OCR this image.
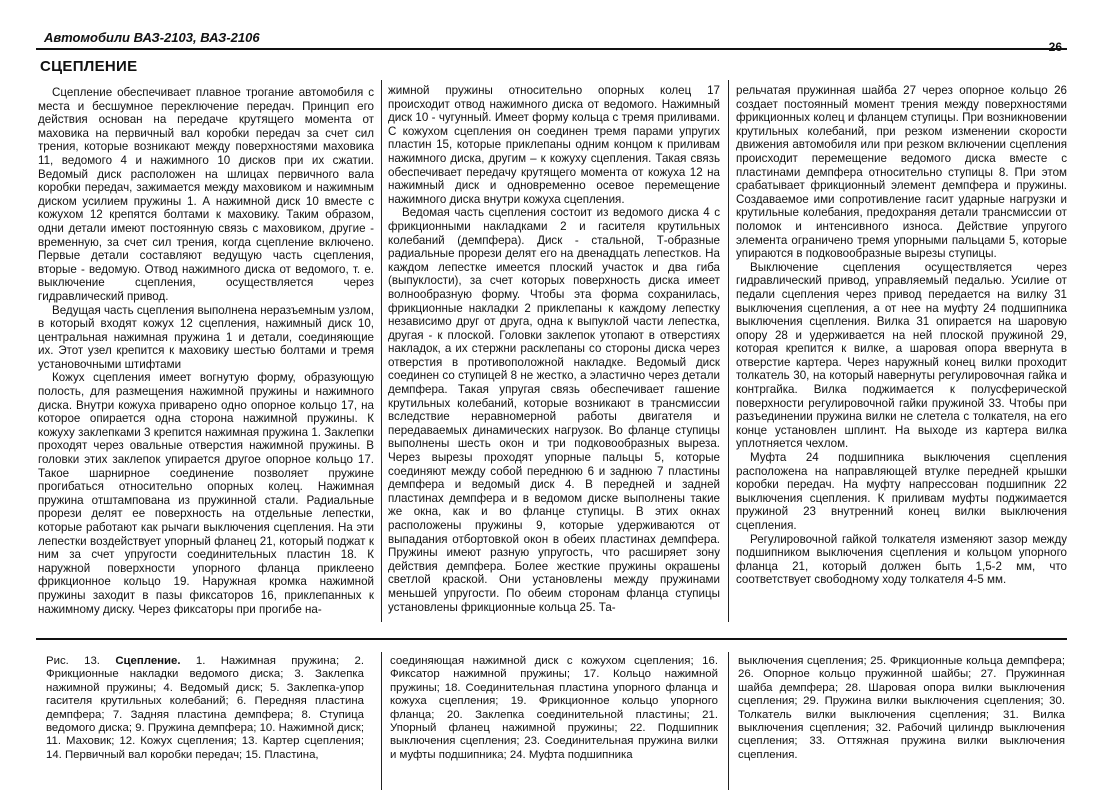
Автомобили ВАЗ-2103, ВАЗ-2106
26
СЦЕПЛЕНИЕ

Сцепление обеспечивает плавное трогание автомобиля с места и бесшумное переключение передач. Принцип его действия основан на передаче крутящего момента от маховика на первичный вал коробки передач за счет сил трения, которые возникают между поверхностями маховика 11, ведомого 4 и нажимного 10 дисков при их сжатии. Ведомый диск расположен на шлицах первичного вала коробки передач, зажимается между маховиком и нажимным диском усилием пружины 1. А нажимной диск 10 вместе с кожухом 12 крепятся болтами к маховику. Таким образом, одни детали имеют постоянную связь с маховиком, другие - временную, за счет сил трения, когда сцепление включено. Первые детали составляют ведущую часть сцепления, вторые - ведомую. Отвод нажимного диска от ведомого, т. е. выключение сцепления, осуществляется через гидравлический привод.

Ведущая часть сцепления выполнена неразъемным узлом, в который входят кожух 12 сцепления, нажимный диск 10, центральная нажимная пружина 1 и детали, соединяющие их. Этот узел крепится к маховику шестью болтами и тремя установочными штифтами

Кожух сцепления имеет вогнутую форму, образующую полость, для размещения нажимной пружины и нажимного диска. Внутри кожуха приварено одно опорное кольцо 17, на которое опирается одна сторона нажимной пружины. К кожуху заклепками 3 крепится нажимная пружина 1. Заклепки проходят через овальные отверстия нажимной пружины. В головки этих заклепок упирается другое опорное кольцо 17. Такое шарнирное соединение позволяет пружине прогибаться относительно опорных колец. Нажимная пружина отштампована из пружинной стали. Радиальные прорези делят ее поверхность на отдельные лепестки, которые работают как рычаги выключения сцепления. На эти лепестки воздействует упорный фланец 21, который поджат к ним за счет упругости соединительных пластин 18. К наружной поверхности упорного фланца приклеено фрикционное кольцо 19. Наружная кромка нажимной пружины заходит в пазы фиксаторов 16, приклепанных к нажимному диску. Через фиксаторы при прогибе на-

жимной пружины относительно опорных колец 17 происходит отвод нажимного диска от ведомого. Нажимный диск 10 - чугунный. Имеет форму кольца с тремя приливами. С кожухом сцепления он соединен тремя парами упругих пластин 15, которые приклепаны одним концом к приливам нажимного диска, другим – к кожуху сцепления. Такая связь обеспечивает передачу крутящего момента от кожуха 12 на нажимный диск и одновременно осевое перемещение нажимного диска внутри кожуха сцепления.

Ведомая часть сцепления состоит из ведомого диска 4 с фрикционными накладками 2 и гасителя крутильных колебаний (демпфера). Диск - стальной, Т-образные радиальные прорези делят его на двенадцать лепестков. На каждом лепестке имеется плоский участок и два гиба (выпуклости), за счет которых поверхность диска имеет волнообразную форму. Чтобы эта форма сохранилась, фрикционные накладки 2 приклепаны к каждому лепестку независимо друг от друга, одна к выпуклой части лепестка, другая - к плоской. Головки заклепок утопают в отверстиях накладок, а их стержни расклепаны со стороны диска через отверстия в противоположной накладке. Ведомый диск соединен со ступицей 8 не жестко, а эластично через детали демпфера. Такая упругая связь обеспечивает гашение крутильных колебаний, которые возникают в трансмиссии вследствие неравномерной работы двигателя и передаваемых динамических нагрузок. Во фланце ступицы выполнены шесть окон и три подковообразных выреза. Через вырезы проходят упорные пальцы 5, которые соединяют между собой переднюю 6 и заднюю 7 пластины демпфера и ведомый диск 4. В передней и задней пластинах демпфера и в ведомом диске выполнены такие же окна, как и во фланце ступицы. В этих окнах расположены пружины 9, которые удерживаются от выпадания отбортовкой окон в обеих пластинах демпфера. Пружины имеют разную упругость, что расширяет зону действия демпфера. Более жесткие пружины окрашены светлой краской. Они установлены между пружинами меньшей упругости. По обеим сторонам фланца ступицы установлены фрикционные кольца 25. Та-

рельчатая пружинная шайба 27 через опорное кольцо 26 создает постоянный момент трения между поверхностями фрикционных колец и фланцем ступицы. При возникновении крутильных колебаний, при резком изменении скорости движения автомобиля или при резком включении сцепления происходит перемещение ведомого диска вместе с пластинами демпфера относительно ступицы 8. При этом срабатывает фрикционный элемент демпфера и пружины. Создаваемое ими сопротивление гасит ударные нагрузки и крутильные колебания, предохраняя детали трансмиссии от поломок и интенсивного износа. Действие упругого элемента ограничено тремя упорными пальцами 5, которые упираются в подковообразные вырезы ступицы.

Выключение сцепления осуществляется через гидравлический привод, управляемый педалью. Усилие от педали сцепления через привод передается на вилку 31 выключения сцепления, а от нее на муфту 24 подшипника выключения сцепления. Вилка 31 опирается на шаровую опору 28 и удерживается на ней плоской пружиной 29, которая крепится к вилке, а шаровая опора ввернута в отверстие картера. Через наружный конец вилки проходит толкатель 30, на который навернуты регулировочная гайка и контргайка. Вилка поджимается к полусферической поверхности регулировочной гайки пружиной 33. Чтобы при разъединении пружина вилки не слетела с толкателя, на его конце установлен шплинт. На выходе из картера вилка уплотняется чехлом.

Муфта 24 подшипника выключения сцепления расположена на направляющей втулке передней крышки коробки передач. На муфту напрессован подшипник 22 выключения сцепления. К приливам муфты поджимается пружиной 23 внутренний конец вилки выключения сцепления.

Регулировочной гайкой толкателя изменяют зазор между подшипником выключения сцепления и кольцом упорного фланца 21, который должен быть 1,5-2 мм, что соответствует свободному ходу толкателя 4-5 мм.

Рис. 13. Сцепление. 1. Нажимная пружина; 2. Фрикционные накладки ведомого диска; 3. Заклепка нажимной пружины; 4. Ведомый диск; 5. Заклепка-упор гасителя крутильных колебаний; 6. Передняя пластина демпфера; 7. Задняя пластина демпфера; 8. Ступица ведомого диска; 9. Пружина демпфера; 10. Нажимной диск; 11. Маховик; 12. Кожух сцепления; 13. Картер сцепления; 14. Первичный вал коробки передач; 15. Пластина,
соединяющая нажимной диск с кожухом сцепления; 16. Фиксатор нажимной пружины; 17. Кольцо нажимной пружины; 18. Соединительная пластина упорного фланца и кожуха сцепления; 19. Фрикционное кольцо упорного фланца; 20. Заклепка соединительной пластины; 21. Упорный фланец нажимной пружины; 22. Подшипник выключения сцепления; 23. Соединительная пружина вилки и муфты подшипника; 24. Муфта подшипника
выключения сцепления; 25. Фрикционные кольца демпфера; 26. Опорное кольцо пружинной шайбы; 27. Пружинная шайба демпфера; 28. Шаровая опора вилки выключения сцепления; 29. Пружина вилки выключения сцепления; 30. Толкатель вилки выключения сцепления; 31. Вилка выключения сцепления; 32. Рабочий цилиндр выключения сцепления; 33. Оттяжная пружина вилки выключения сцепления.
